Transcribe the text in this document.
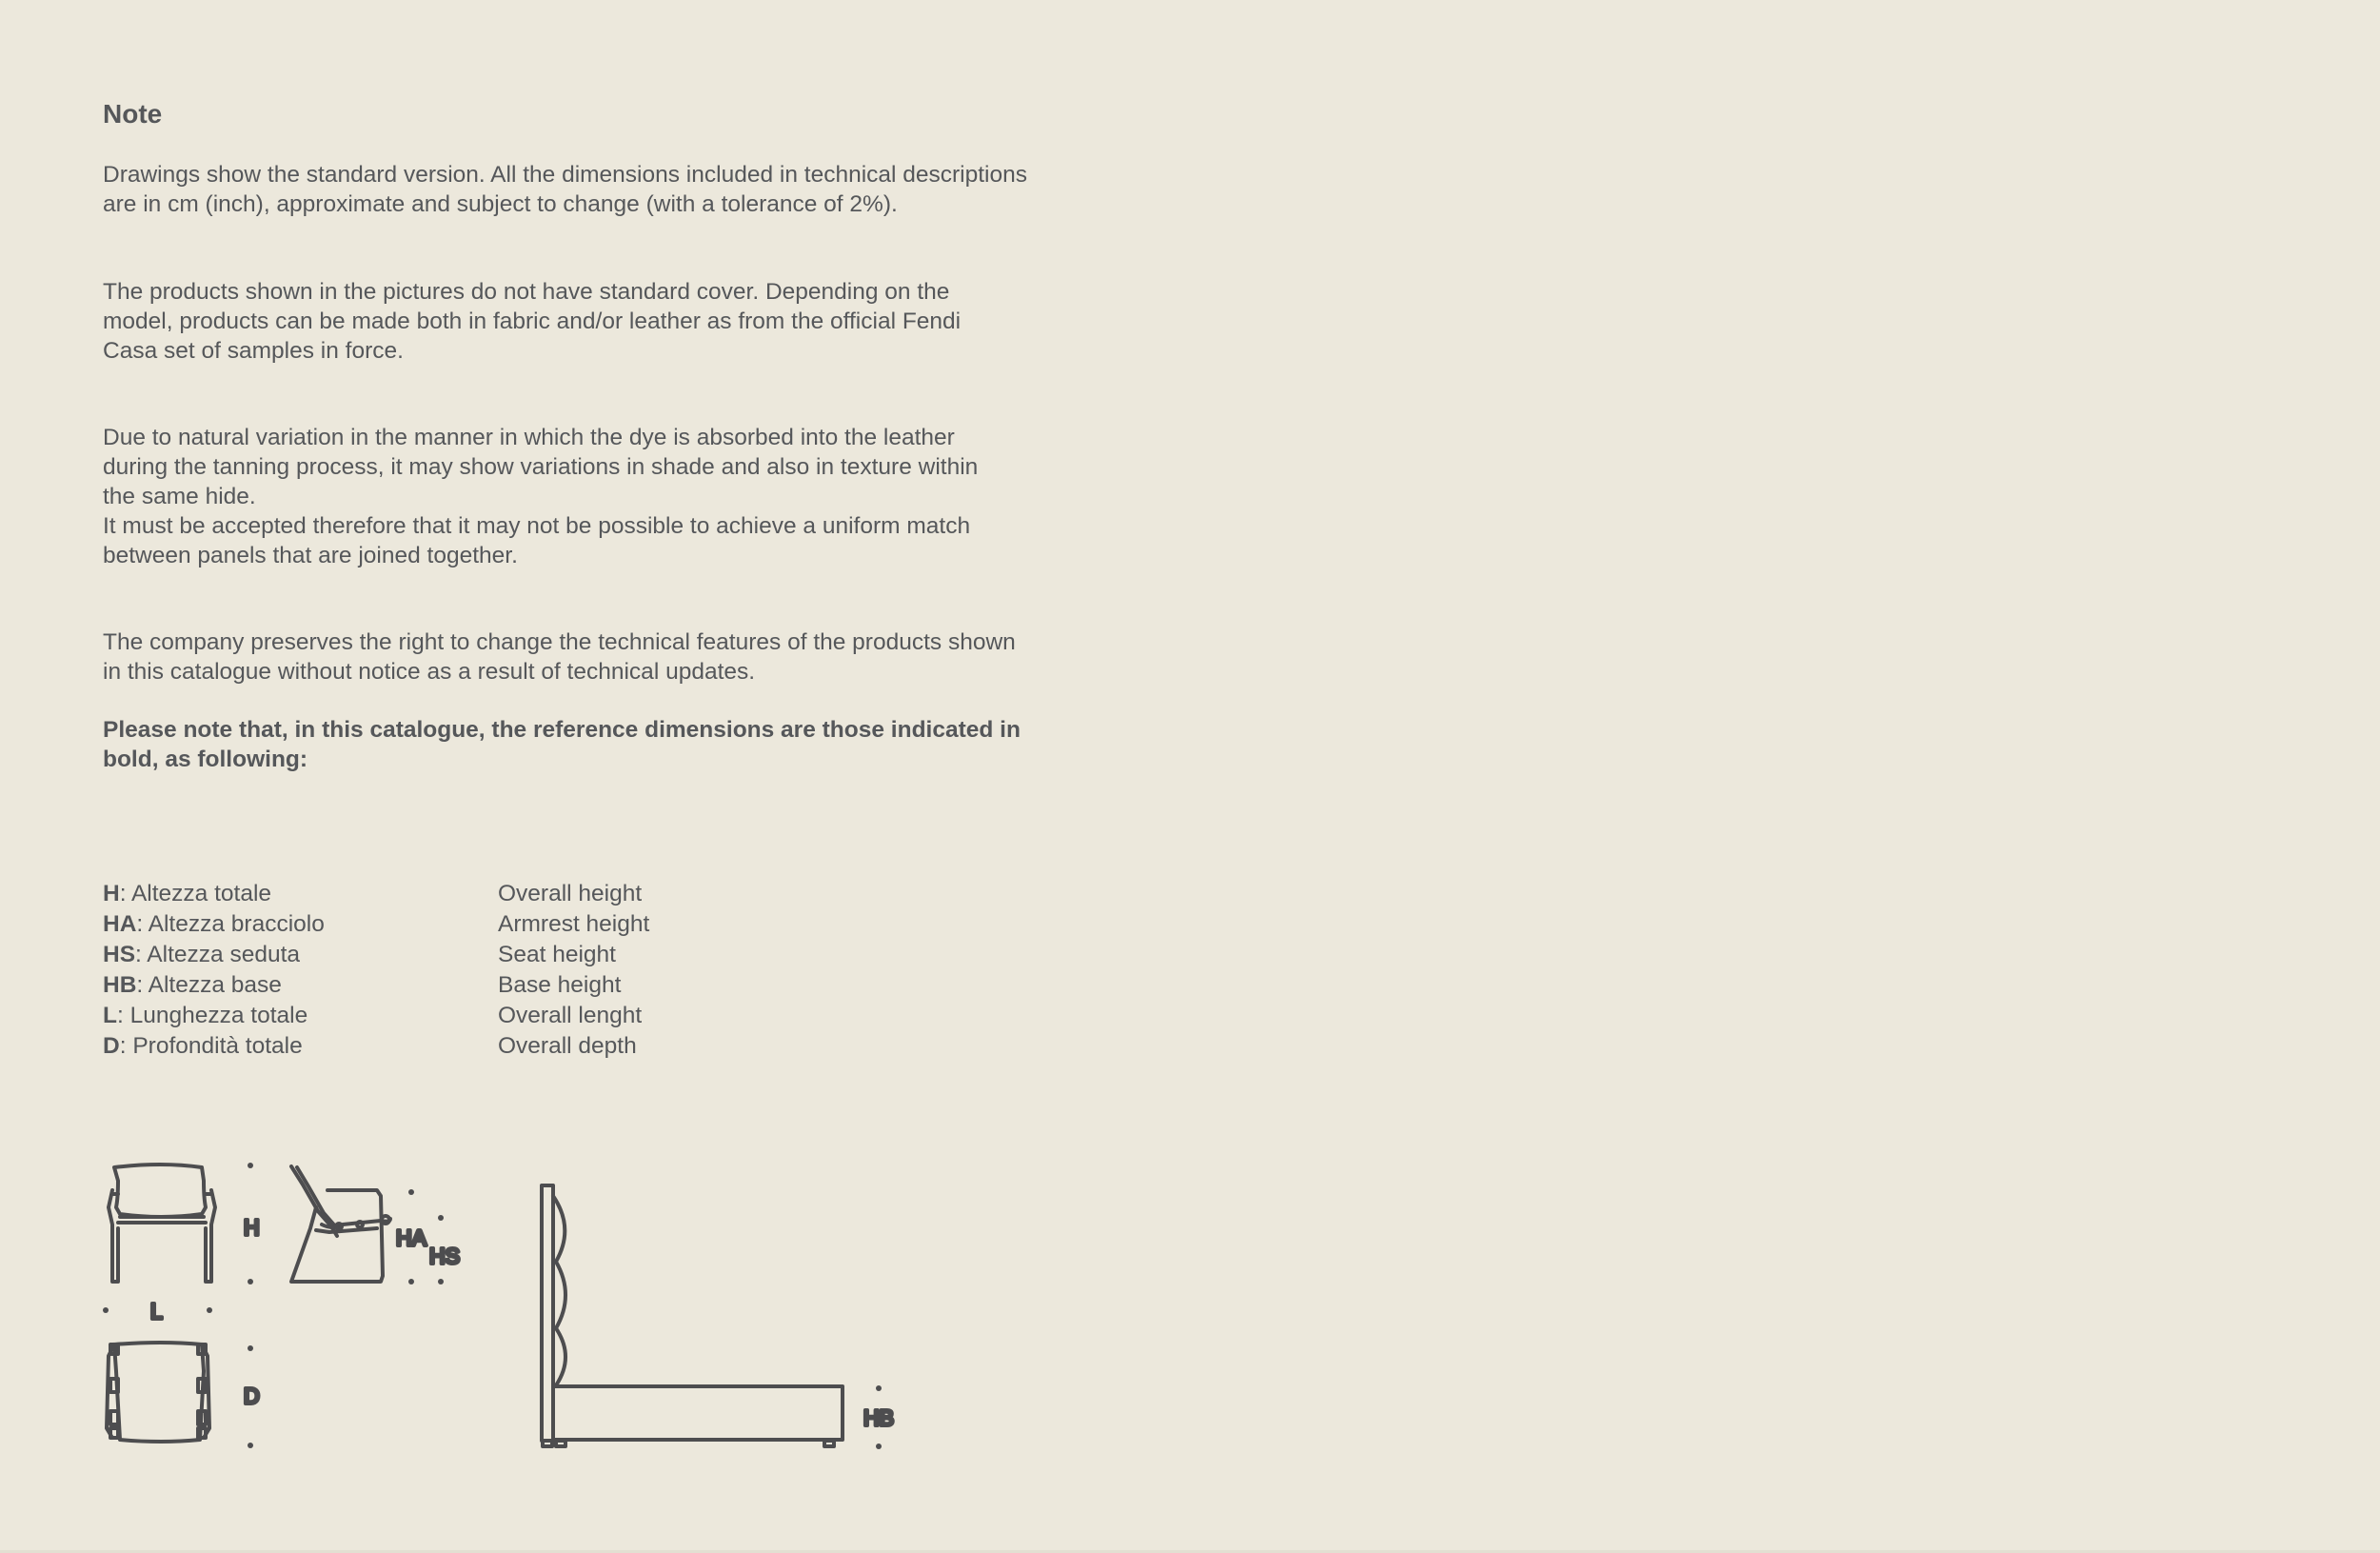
Note

Drawings show the standard version. All the dimensions included in technical descriptions
are in cm (inch), approximate and subject to change (with a tolerance of 2%).

The products shown in the pictures do not have standard cover. Depending on the
model, products can be made both in fabric and/or leather as from the official Fendi
Casa set of samples in force.

Due to natural variation in the manner in which the dye is absorbed into the leather
during the tanning process, it may show variations in shade and also in texture within
the same hide.
It must be accepted therefore that it may not be possible to achieve a uniform match
between panels that are joined together.

The company preserves the right to change the technical features of the products shown
in this catalogue without notice as a result of technical updates.

Please note that, in this catalogue, the reference dimensions are those indicated in
bold, as following:

H: Altezza totale	Overall height
HA: Altezza bracciolo	Armrest height
HS: Altezza seduta	Seat height
HB: Altezza base	Base height
L: Lunghezza totale	Overall lenght
D: Profondità totale	Overall depth
H
L
HA
HS
D
HB
